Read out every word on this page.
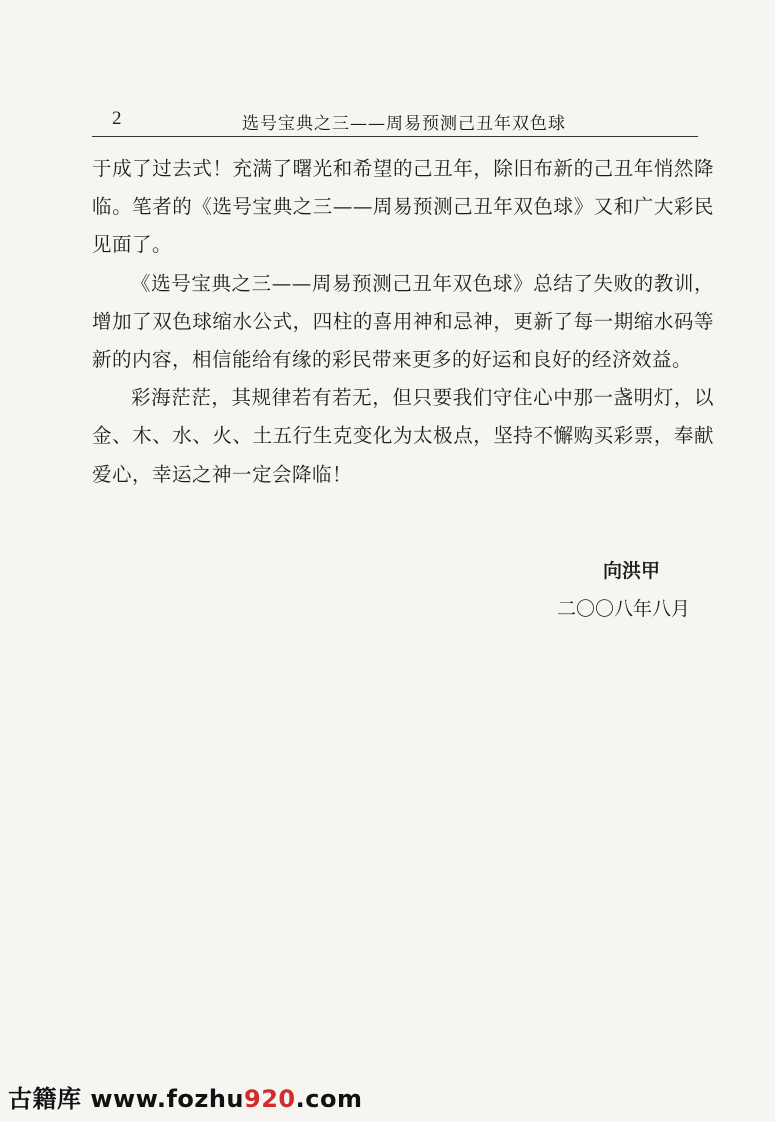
2	选号宝典之三——周易预测己丑年双色球

于成了过去式！充满了曙光和希望的己丑年，除旧布新的己丑年悄然降临。笔者的《选号宝典之三——周易预测己丑年双色球》又和广大彩民见面了。

《选号宝典之三——周易预测己丑年双色球》总结了失败的教训，增加了双色球缩水公式，四柱的喜用神和忌神，更新了每一期缩水码等新的内容，相信能给有缘的彩民带来更多的好运和良好的经济效益。

彩海茫茫，其规律若有若无，但只要我们守住心中那一盏明灯，以金、木、水、火、土五行生克变化为太极点，坚持不懈购买彩票，奉献爱心，幸运之神一定会降临！

向洪甲
二〇〇八年八月
古籍库 www.fozhu920.com
